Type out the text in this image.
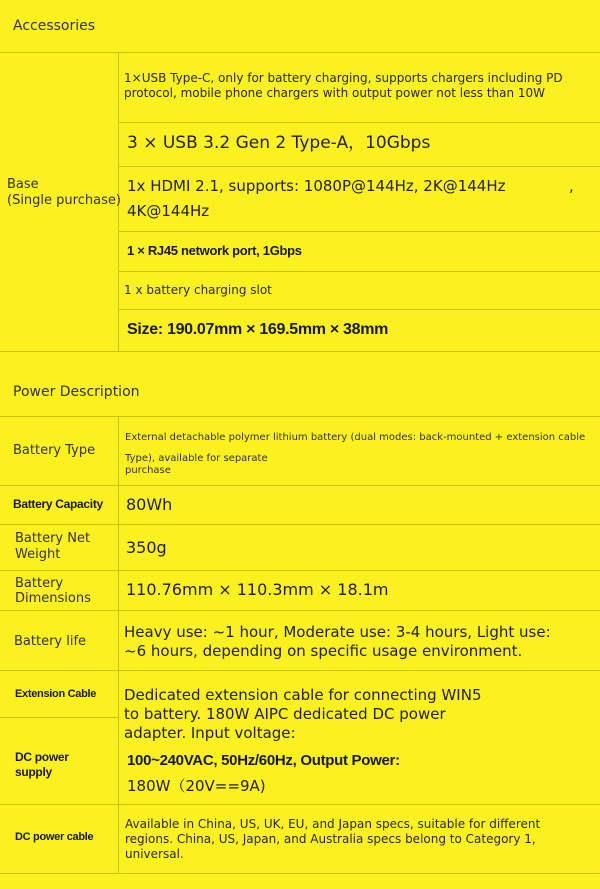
Accessories
Base
(Single purchase)
1×USB Type-C, only for battery charging, supports chargers including PD protocol, mobile phone chargers with output power not less than 10W
3 × USB 3.2 Gen 2 Type-A，10Gbps
1x HDMI 2.1, supports: 1080P@144Hz, 2K@144Hz	,
4K@144Hz
1 × RJ45 network port, 1Gbps
1 x battery charging slot
Size: 190.07mm × 169.5mm × 38mm
Power Description
Battery Type
External detachable polymer lithium battery (dual modes: back-mounted + extension cable
Type), available for separate
purchase
Battery Capacity 80Wh
Battery Net
Weight	350g
Battery
Dimensions 110.76mm × 110.3mm × 18.1m
Battery life
Heavy use: ~1 hour, Moderate use: 3-4 hours, Light use:
~6 hours, depending on specific usage environment.
Extension Cable Dedicated extension cable for connecting WIN5
to battery. 180W AIPC dedicated DC power
adapter. Input voltage:
DC power
supply
100~240VAC, 50Hz/60Hz, Output Power:
180W（20V==9A)
DC power cable
Available in China, US, UK, EU, and Japan specs, suitable for different
regions. China, US, Japan, and Australia specs belong to Category 1,
universal.
